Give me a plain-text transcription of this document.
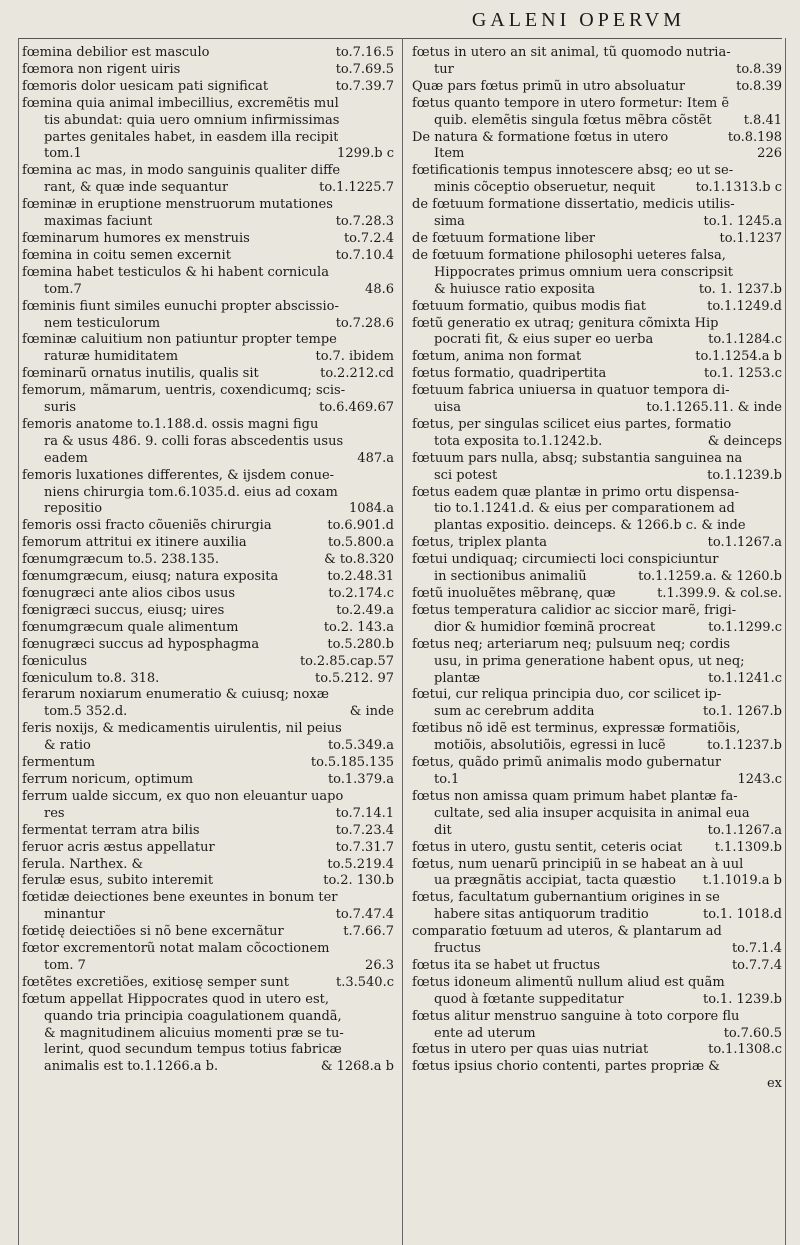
GALENI OPERVM
fœmina debilior est masculo	to.7.16.5
fœmora non rigent uiris	to.7.69.5
fœmoris dolor uesicam pati significat	to.7.39.7
fœmina quia animal imbecillius, excremẽtis mul
tis abundat: quia uero omnium infirmissimas
partes genitales habet, in easdem illa recipit
tom.1	1299.b c
fœmina ac mas, in modo sanguinis qualiter diffe
rant, & quæ inde sequantur	to.1.1225.7
fœminæ in eruptione menstruorum mutationes
maximas faciunt	to.7.28.3
fœminarum humores ex menstruis	to.7.2.4
fœmina in coitu semen excernit	to.7.10.4
fœmina habet testiculos & hi habent cornicula
tom.7	48.6
fœminis fiunt similes eunuchi propter abscissio-
nem testiculorum	to.7.28.6
fœminæ caluitium non patiuntur propter tempe
raturæ humiditatem	to.7. ibidem
fœminarũ ornatus inutilis, qualis sit	to.2.212.cd
femorum, mãmarum, uentris, coxendicumq; scis-
suris	to.6.469.67
femoris anatome to.1.188.d. ossis magni figu
ra & usus 486. 9. colli foras abscedentis usus
eadem	487.a
femoris luxationes differentes, & ijsdem conue-
niens chirurgia tom.6.1035.d. eius ad coxam
repositio	1084.a
femoris ossi fracto cõueniẽs chirurgia	to.6.901.d
femorum attritui ex itinere auxilia	to.5.800.a
fœnumgræcum to.5. 238.135.	& to.8.320
fœnumgræcum, eiusq; natura exposita	to.2.48.31
fœnugræci ante alios cibos usus	to.2.174.c
fœnigræci succus, eiusq; uires	to.2.49.a
fœnumgræcum quale alimentum	to.2. 143.a
fœnugræci succus ad hyposphagma	to.5.280.b
fœniculus	to.2.85.cap.57
fœniculum to.8. 318.	to.5.212. 97
ferarum noxiarum enumeratio & cuiusq; noxæ
tom.5 352.d.	& inde
feris noxijs, & medicamentis uirulentis, nil peius
& ratio	to.5.349.a
fermentum	to.5.185.135
ferrum noricum, optimum	to.1.379.a
ferrum ualde siccum, ex quo non eleuantur uapo
res	to.7.14.1
fermentat terram atra bilis	to.7.23.4
feruor acris æstus appellatur	to.7.31.7
ferula. Narthex. &	to.5.219.4
ferulæ esus, subito interemit	to.2. 130.b
fœtidæ deiectiones bene exeuntes in bonum ter
minantur	to.7.47.4
fœtidę deiectiões si nõ bene excernãtur	t.7.66.7
fœtor excrementorũ notat malam cõcoctionem
tom. 7	26.3
fœtẽtes excretiões, exitiosę semper sunt	t.3.540.c
fœtum appellat Hippocrates quod in utero est,
quando tria principia coagulationem quandã,
& magnitudinem alicuius momenti præ se tu-
lerint, quod secundum tempus totius fabricæ
animalis est to.1.1266.a b.	& 1268.a b
fœtus in utero an sit animal, tũ quomodo nutria-
tur	to.8.39
Quæ pars fœtus primũ in utro absoluatur	to.8.39
fœtus quanto tempore in utero formetur: Item ẽ
quib. elemẽtis singula fœtus mẽbra cõstẽt	t.8.41
De natura & formatione fœtus in utero	to.8.198
Item	226
fœtificationis tempus innotescere absq; eo ut se-
minis cõceptio obseruetur, nequit	to.1.1313.b c
de fœtuum formatione dissertatio, medicis utilis-
sima	to.1. 1245.a
de fœtuum formatione liber	to.1.1237
de fœtuum formatione philosophi ueteres falsa,
Hippocrates primus omnium uera conscripsit
& huiusce ratio exposita	to. 1. 1237.b
fœtuum formatio, quibus modis fiat	to.1.1249.d
fœtũ generatio ex utraq; genitura cõmixta Hip
pocrati fit, & eius super eo uerba	to.1.1284.c
fœtum, anima non format	to.1.1254.a b
fœtus formatio, quadripertita	to.1. 1253.c
fœtuum fabrica uniuersa in quatuor tempora di-
uisa	to.1.1265.11. & inde
fœtus, per singulas scilicet eius partes, formatio
tota exposita to.1.1242.b.	& deinceps
fœtuum pars nulla, absq; substantia sanguinea na
sci potest	to.1.1239.b
fœtus eadem quæ plantæ in primo ortu dispensa-
tio to.1.1241.d. & eius per comparationem ad
plantas expositio. deinceps. & 1266.b c. & inde
fœtus, triplex planta	to.1.1267.a
fœtui undiquaq; circumiecti loci conspiciuntur
in sectionibus animaliũ	to.1.1259.a. & 1260.b
fœtũ inuoluẽtes mẽbranę, quæ	t.1.399.9. & col.se.
fœtus temperatura calidior ac siccior marẽ, frigi-
dior & humidior fœminã procreat	to.1.1299.c
fœtus neq; arteriarum neq; pulsuum neq; cordis
usu, in prima generatione habent opus, ut neq;
plantæ	to.1.1241.c
fœtui, cur reliqua principia duo, cor scilicet ip-
sum ac cerebrum addita	to.1. 1267.b
fœtibus nõ idẽ est terminus, expressæ formatiõis,
motiõis, absolutiõis, egressi in lucẽ	to.1.1237.b
fœtus, quãdo primũ animalis modo gubernatur
to.1	1243.c
fœtus non amissa quam primum habet plantæ fa-
cultate, sed alia insuper acquisita in animal eua
dit	to.1.1267.a
fœtus in utero, gustu sentit, ceteris ociat	t.1.1309.b
fœtus, num uenarũ principiũ in se habeat an à uul
ua prægnãtis accipiat, tacta quæstio	t.1.1019.a b
fœtus, facultatum gubernantium origines in se
habere sitas antiquorum traditio	to.1. 1018.d
comparatio fœtuum ad uteros, & plantarum ad
fructus	to.7.1.4
fœtus ita se habet ut fructus	to.7.7.4
fœtus idoneum alimentũ nullum aliud est quãm
quod à fœtante suppeditatur	to.1. 1239.b
fœtus alitur menstruo sanguine à toto corpore flu
ente ad uterum	to.7.60.5
fœtus in utero per quas uias nutriat	to.1.1308.c
fœtus ipsius chorio contenti, partes propriæ &
ex
